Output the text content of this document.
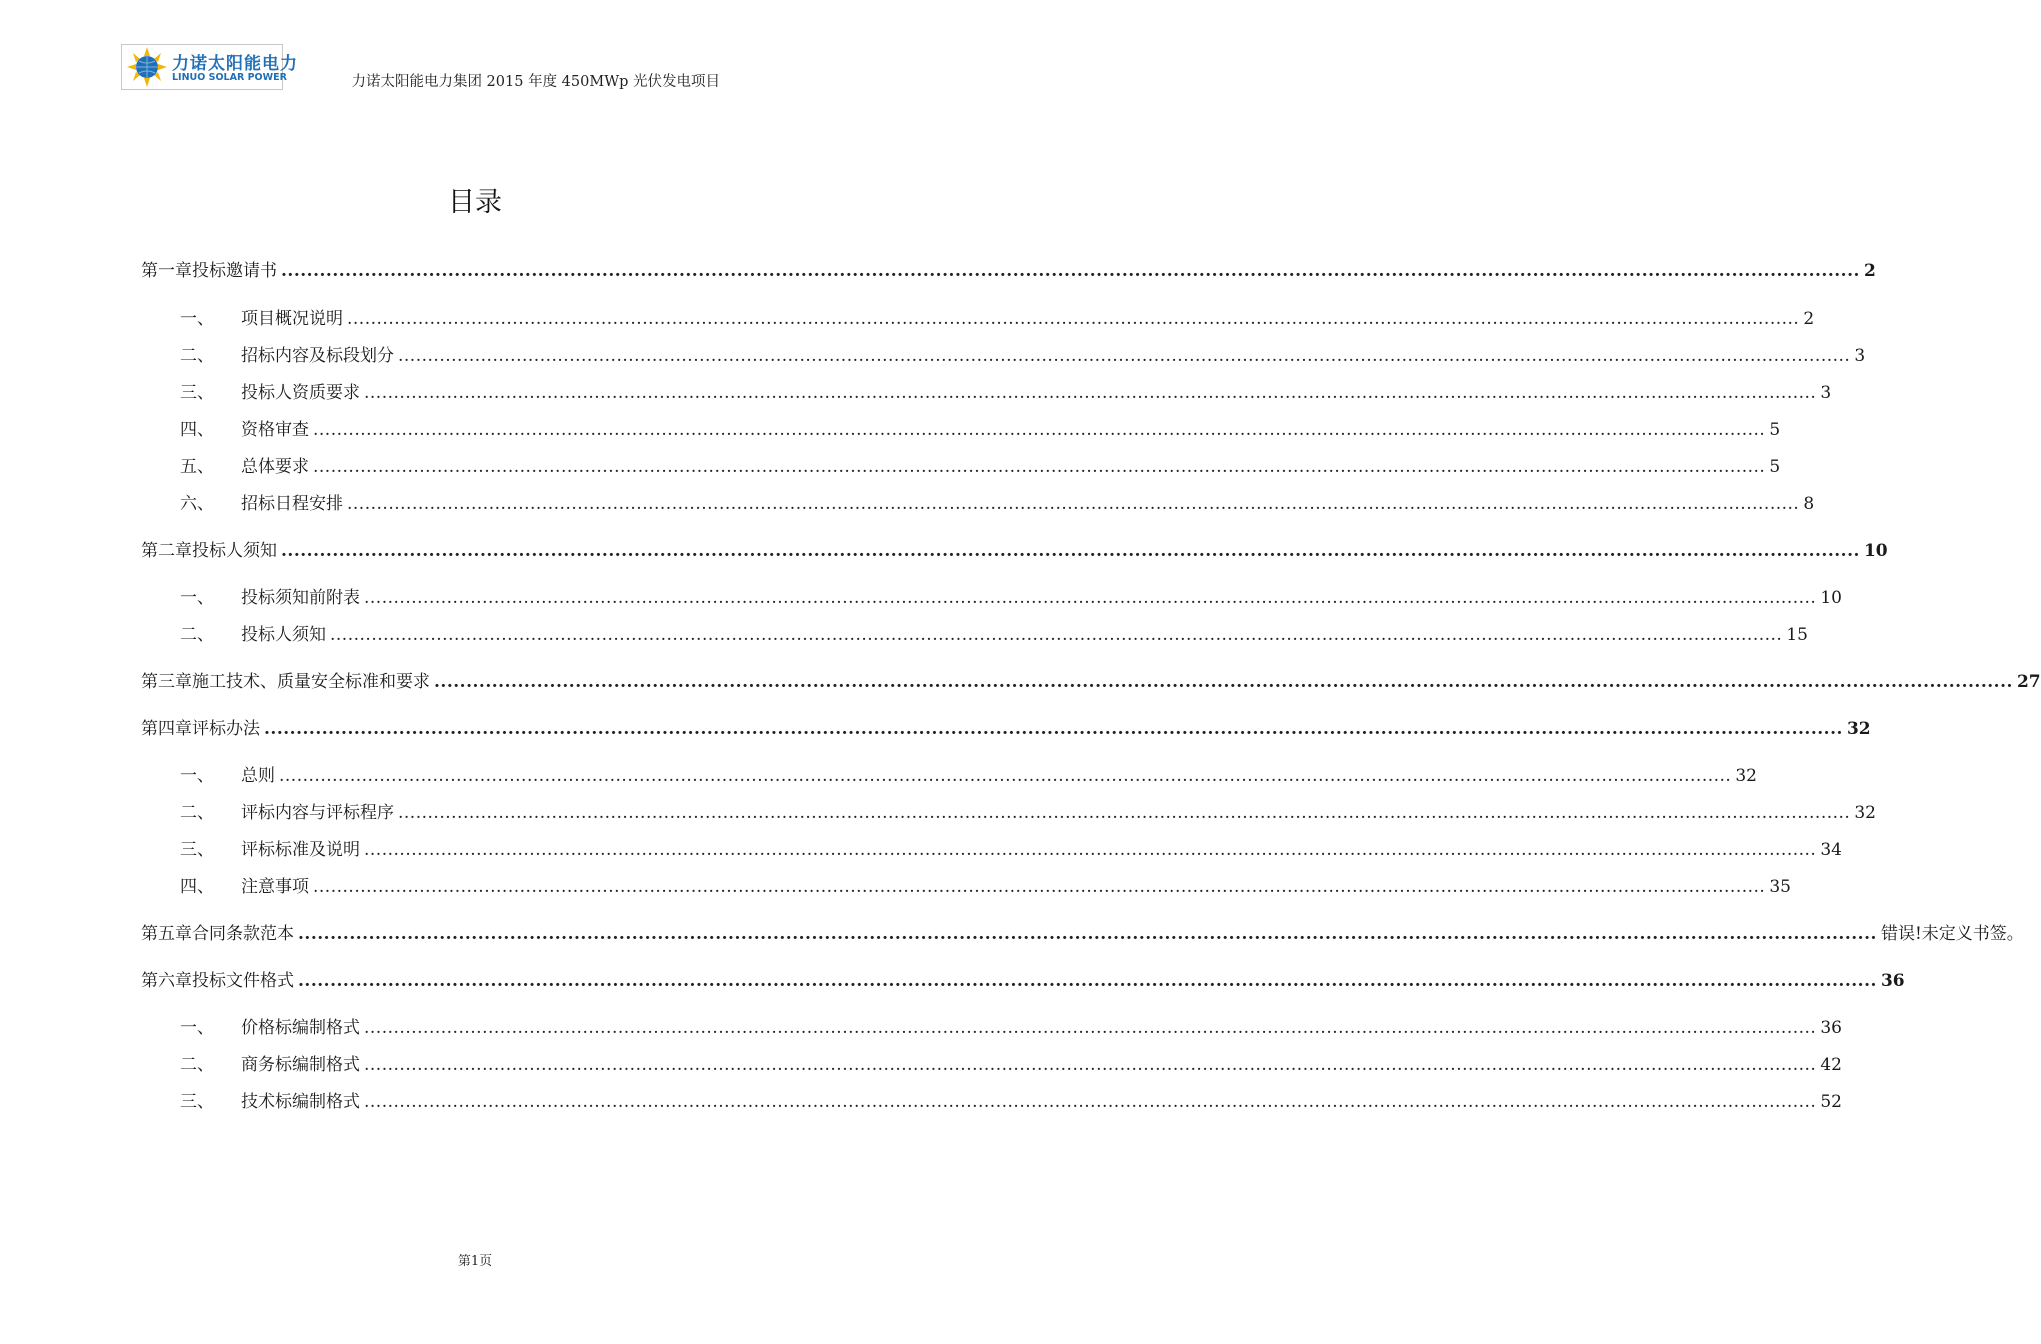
力诺太阳能电力
LINUO SOLAR POWER	力诺太阳能电力集团 2015 年度 450MWp 光伏发电项目
目录
第一章投标邀请书 .....	2
一、	项目概况说明 .....	2
二、	招标内容及标段划分 .....	3
三、	投标人资质要求 .....	3
四、	资格审查 .....	5
五、	总体要求 .....	5
六、	招标日程安排 .....	8
第二章投标人须知 .....	10
一、	投标须知前附表 .....	10
二、	投标人须知 .....	15
第三章施工技术、质量安全标准和要求 .....	27
第四章评标办法 .....	32
一、	总则 .....	32
二、	评标内容与评标程序 .....	32
三、	评标标准及说明 .....	34
四、	注意事项 .....	35
第五章合同条款范本 .....	错误!未定义书签。
第六章投标文件格式 .....	36
一、	价格标编制格式 .....	36
二、	商务标编制格式 .....	42
三、	技术标编制格式 .....	52
第1页
